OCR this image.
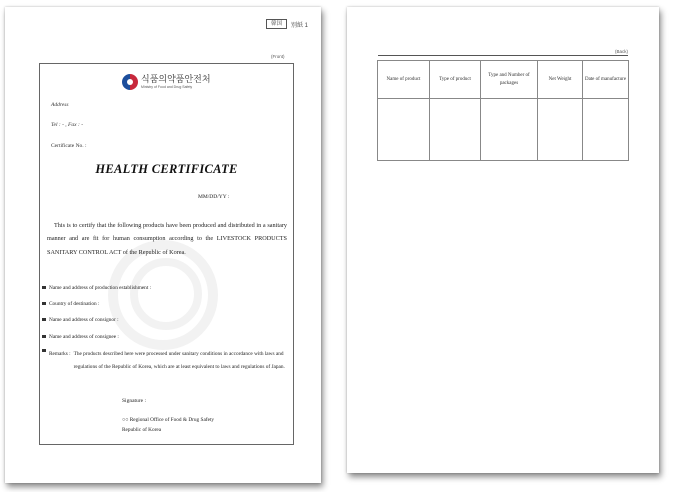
韓国	別紙 1
(Front)
식품의약품안전처
Ministry of Food and Drug Safety
Address
Tel : - , Fax : -
Certificate No. :
HEALTH CERTIFICATE
MM/DD/YY :
This is to certify that the following products have been produced and distributed in a sanitary manner and are fit for human consumption according to the LIVESTOCK PRODUCTS SANITARY CONTROL ACT of the Republic of Korea.
Name and address of production establishment :
Country of destination :
Name and address of consignor :
Name and address of consignee :
Remarks : The products described here were processed under sanitary conditions in accordance with laws and regulations of the Republic of Korea, which are at least equivalent to laws and regulations of Japan.
Signature :
○○ Regional Office of Food & Drug Safety
Republic of Korea
(Back)
Name of product	Type of product	Type and Number of packages	Net Weight	Date of manufacture
